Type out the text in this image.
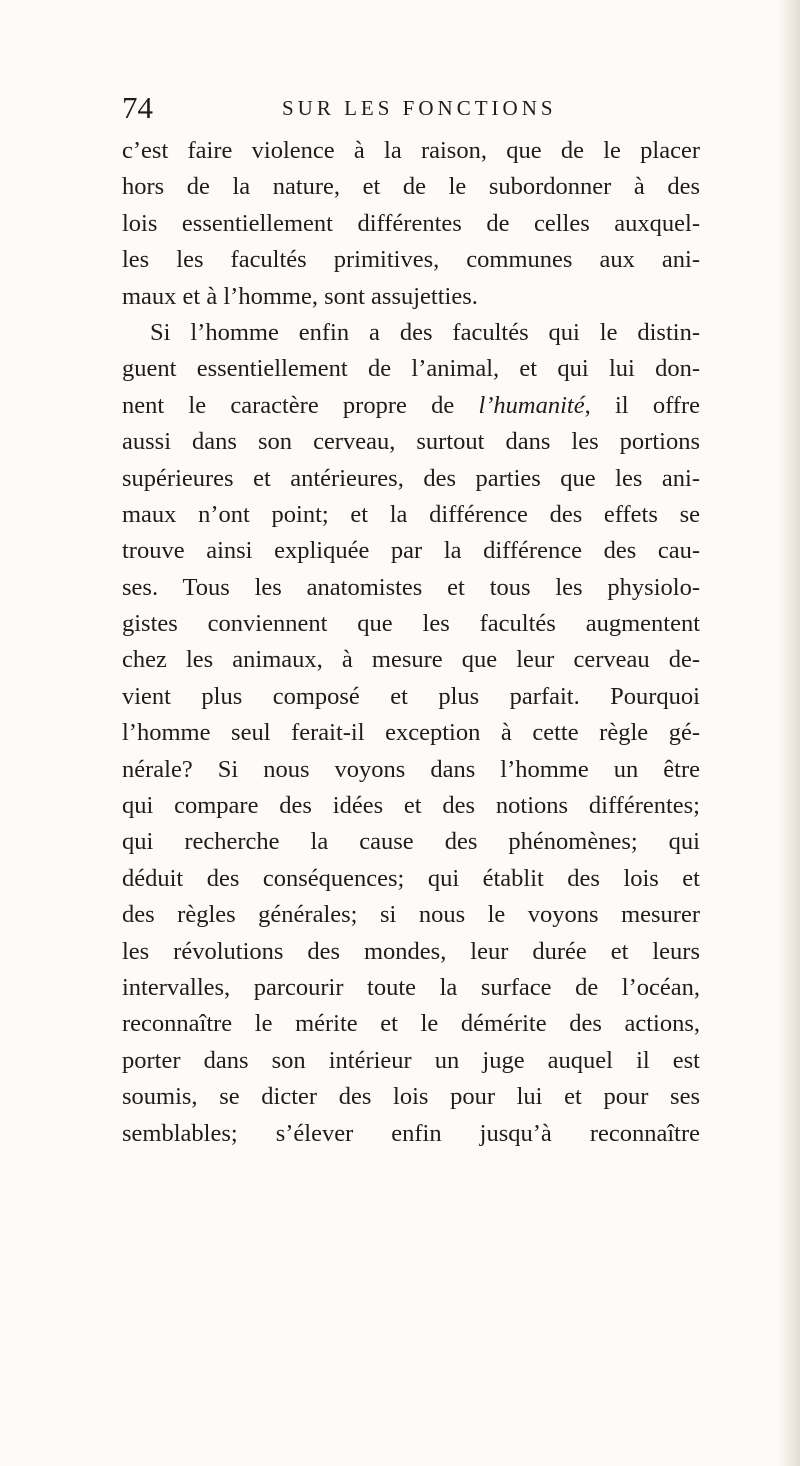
74	SUR LES FONCTIONS
c’est faire violence à la raison, que de le placer
hors de la nature, et de le subordonner à des
lois essentiellement différentes de celles auxquel-
les les facultés primitives, communes aux ani-
maux et à l’homme, sont assujetties.
Si l’homme enfin a des facultés qui le distin-
guent essentiellement de l’animal, et qui lui don-
nent le caractère propre de l’humanité, il offre
aussi dans son cerveau, surtout dans les portions
supérieures et antérieures, des parties que les ani-
maux n’ont point; et la différence des effets se
trouve ainsi expliquée par la différence des cau-
ses. Tous les anatomistes et tous les physiolo-
gistes conviennent que les facultés augmentent
chez les animaux, à mesure que leur cerveau de-
vient plus composé et plus parfait. Pourquoi
l’homme seul ferait-il exception à cette règle gé-
nérale? Si nous voyons dans l’homme un être
qui compare des idées et des notions différentes;
qui recherche la cause des phénomènes; qui
déduit des conséquences; qui établit des lois et
des règles générales; si nous le voyons mesurer
les révolutions des mondes, leur durée et leurs
intervalles, parcourir toute la surface de l’océan,
reconnaître le mérite et le démérite des actions,
porter dans son intérieur un juge auquel il est
soumis, se dicter des lois pour lui et pour ses
semblables; s’élever enfin jusqu’à reconnaître
